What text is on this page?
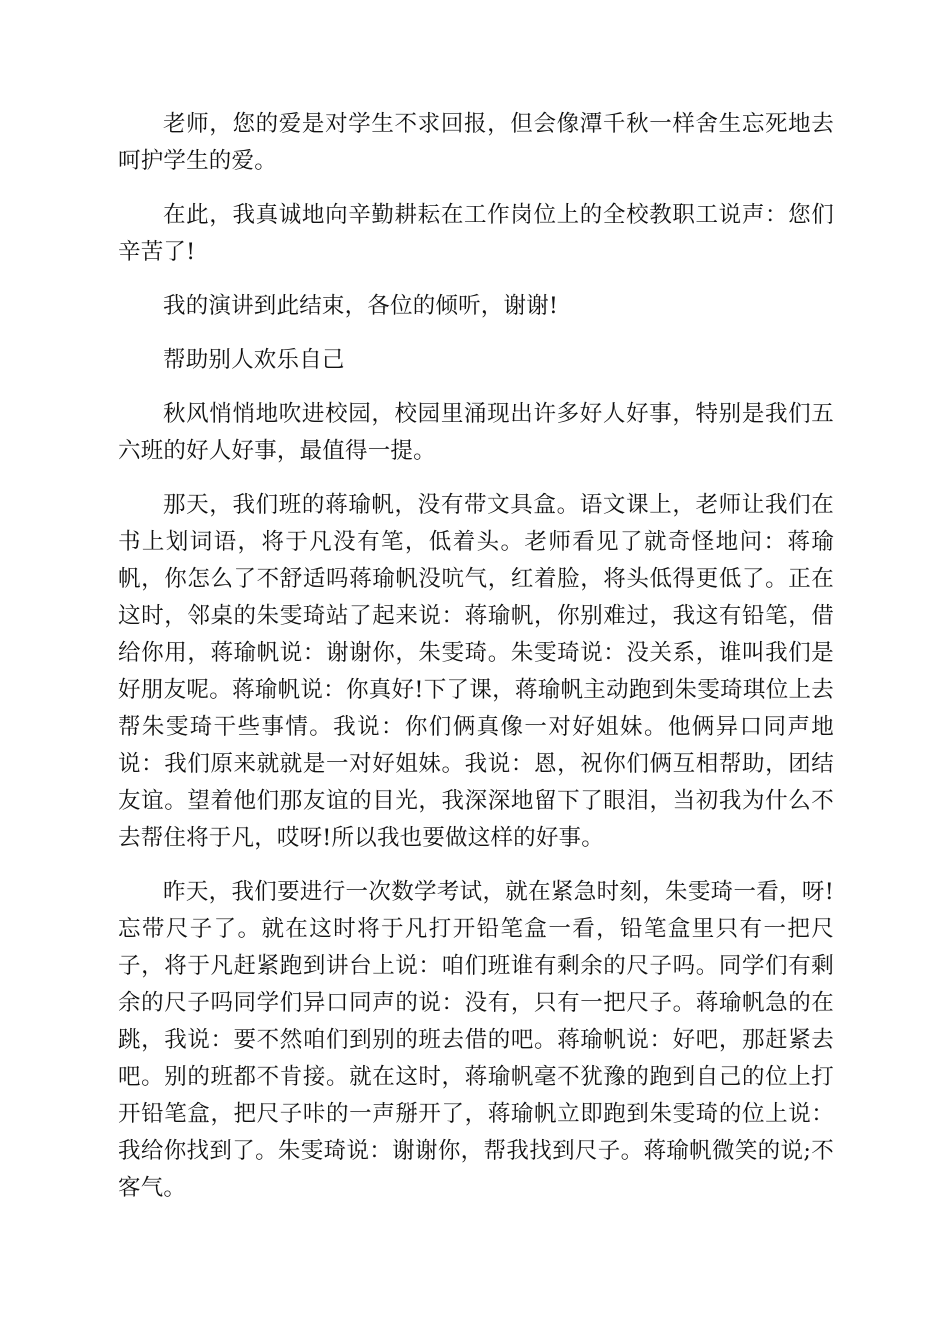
老师，您的爱是对学生不求回报，但会像潭千秋一样舍生忘死地去呵护学生的爱。

在此，我真诚地向辛勤耕耘在工作岗位上的全校教职工说声：您们辛苦了!

我的演讲到此结束，各位的倾听，谢谢!

帮助别人欢乐自己

秋风悄悄地吹进校园，校园里涌现出许多好人好事，特别是我们五六班的好人好事，最值得一提。

那天，我们班的蒋瑜帆，没有带文具盒。语文课上，老师让我们在书上划词语，将于凡没有笔，低着头。老师看见了就奇怪地问：蒋瑜帆，你怎么了不舒适吗蒋瑜帆没吭气，红着脸，将头低得更低了。正在这时，邻桌的朱雯琦站了起来说：蒋瑜帆，你别难过，我这有铅笔，借给你用，蒋瑜帆说：谢谢你，朱雯琦。朱雯琦说：没关系，谁叫我们是好朋友呢。蒋瑜帆说：你真好!下了课，蒋瑜帆主动跑到朱雯琦琪位上去帮朱雯琦干些事情。我说：你们俩真像一对好姐妹。他俩异口同声地说：我们原来就就是一对好姐妹。我说：恩，祝你们俩互相帮助，团结友谊。望着他们那友谊的目光，我深深地留下了眼泪，当初我为什么不去帮住将于凡，哎呀!所以我也要做这样的好事。

昨天，我们要进行一次数学考试，就在紧急时刻，朱雯琦一看，呀!忘带尺子了。就在这时将于凡打开铅笔盒一看，铅笔盒里只有一把尺子，将于凡赶紧跑到讲台上说：咱们班谁有剩余的尺子吗。同学们有剩余的尺子吗同学们异口同声的说：没有，只有一把尺子。蒋瑜帆急的在跳，我说：要不然咱们到别的班去借的吧。蒋瑜帆说：好吧，那赶紧去吧。别的班都不肯接。就在这时，蒋瑜帆毫不犹豫的跑到自己的位上打开铅笔盒，把尺子咔的一声掰开了，蒋瑜帆立即跑到朱雯琦的位上说：我给你找到了。朱雯琦说：谢谢你，帮我找到尺子。蒋瑜帆微笑的说;不客气。
